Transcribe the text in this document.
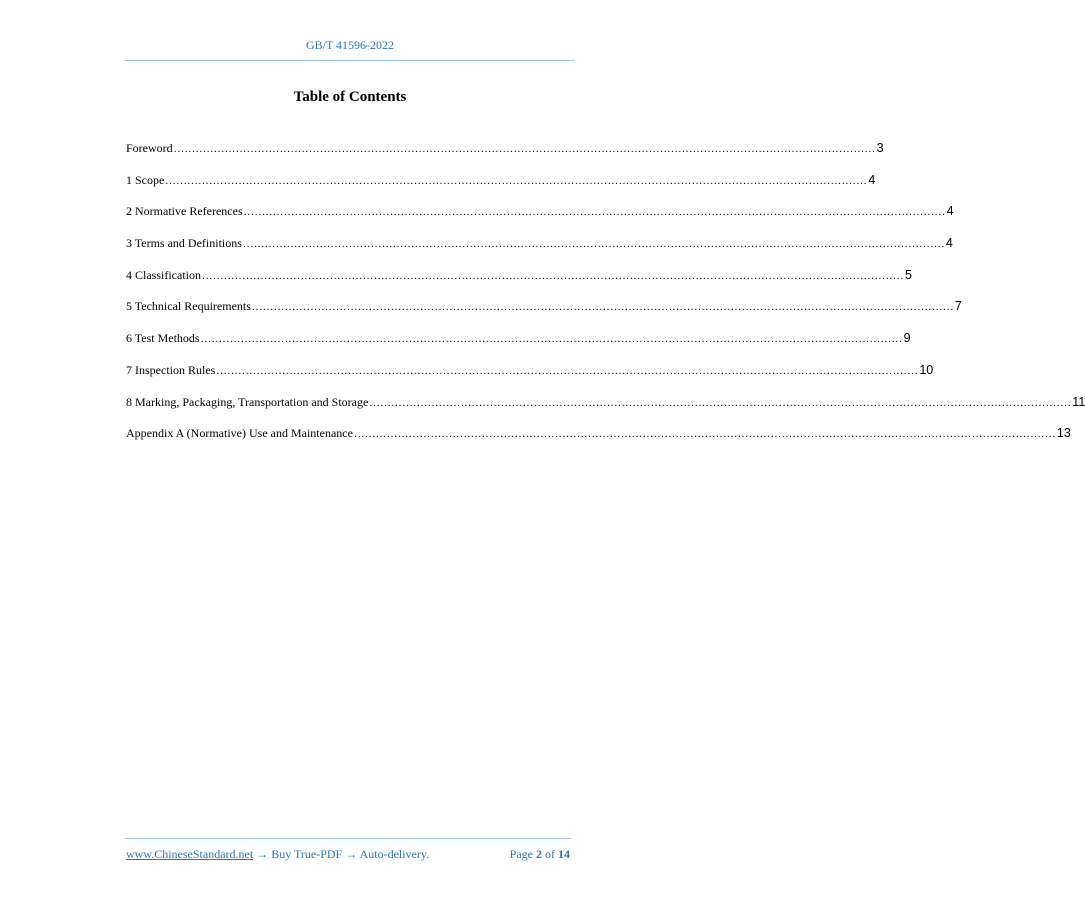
GB/T 41596-2022
Table of Contents
Foreword ................................................................................................................................................................................................ 3
1 Scope ................................................................................................................................................................................................ 4
2 Normative References ................................................................................................................................................................................................ 4
3 Terms and Definitions ................................................................................................................................................................................................ 4
4 Classification ................................................................................................................................................................................................ 5
5 Technical Requirements ................................................................................................................................................................................................ 7
6 Test Methods ................................................................................................................................................................................................ 9
7 Inspection Rules ................................................................................................................................................................................................ 10
8 Marking, Packaging, Transportation and Storage ................................................................................................................................................................................................ 11
Appendix A (Normative) Use and Maintenance ................................................................................................................................................................................................ 13
www.ChineseStandard.net → Buy True-PDF → Auto-delivery.	Page 2 of 14
